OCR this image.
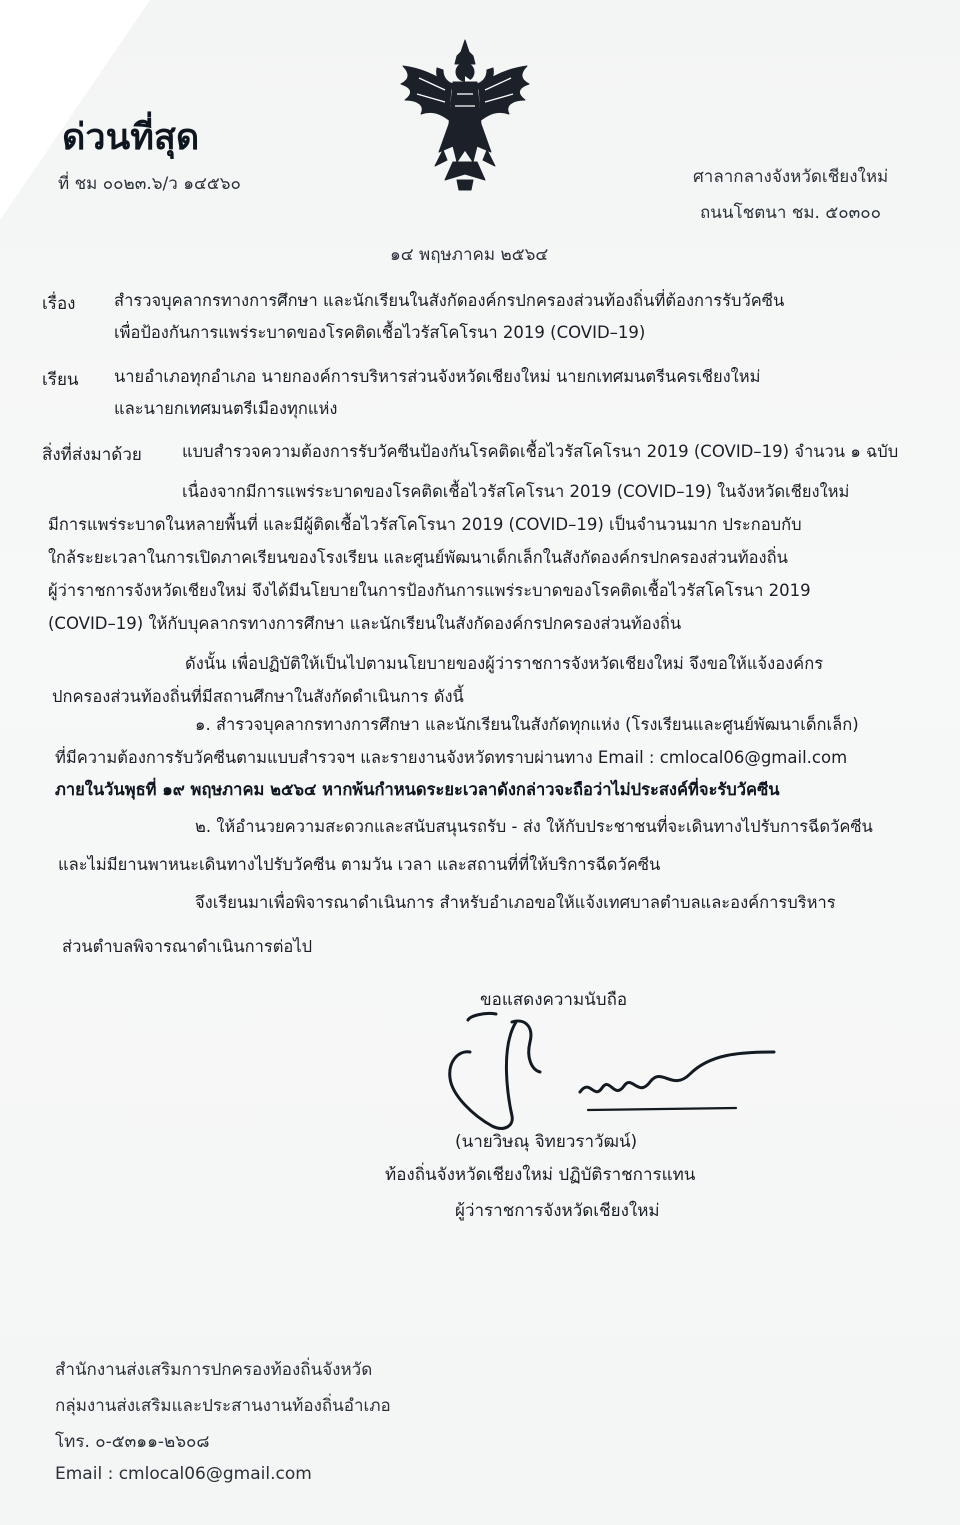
ด่วนที่สุด
ที่ ชม ๐๐๒๓.๖/ว ๑๔๕๖๐	ศาลากลางจังหวัดเชียงใหม่
ถนนโชตนา ชม. ๕๐๓๐๐
๑๔ พฤษภาคม ๒๕๖๔
เรื่อง สำรวจบุคลากรทางการศึกษา และนักเรียนในสังกัดองค์กรปกครองส่วนท้องถิ่นที่ต้องการรับวัคซีน
เพื่อป้องกันการแพร่ระบาดของโรคติดเชื้อไวรัสโคโรนา 2019 (COVID–19)
เรียน นายอำเภอทุกอำเภอ นายกองค์การบริหารส่วนจังหวัดเชียงใหม่ นายกเทศมนตรีนครเชียงใหม่
และนายกเทศมนตรีเมืองทุกแห่ง
สิ่งที่ส่งมาด้วย แบบสำรวจความต้องการรับวัคซีนป้องกันโรคติดเชื้อไวรัสโคโรนา 2019 (COVID–19) จำนวน ๑ ฉบับ
เนื่องจากมีการแพร่ระบาดของโรคติดเชื้อไวรัสโคโรนา 2019 (COVID–19) ในจังหวัดเชียงใหม่
มีการแพร่ระบาดในหลายพื้นที่ และมีผู้ติดเชื้อไวรัสโคโรนา 2019 (COVID–19) เป็นจำนวนมาก ประกอบกับ
ใกล้ระยะเวลาในการเปิดภาคเรียนของโรงเรียน และศูนย์พัฒนาเด็กเล็กในสังกัดองค์กรปกครองส่วนท้องถิ่น
ผู้ว่าราชการจังหวัดเชียงใหม่ จึงได้มีนโยบายในการป้องกันการแพร่ระบาดของโรคติดเชื้อไวรัสโคโรนา 2019
(COVID–19) ให้กับบุคลากรทางการศึกษา และนักเรียนในสังกัดองค์กรปกครองส่วนท้องถิ่น
ดังนั้น เพื่อปฏิบัติให้เป็นไปตามนโยบายของผู้ว่าราชการจังหวัดเชียงใหม่ จึงขอให้แจ้งองค์กร
ปกครองส่วนท้องถิ่นที่มีสถานศึกษาในสังกัดดำเนินการ ดังนี้
๑. สำรวจบุคลากรทางการศึกษา และนักเรียนในสังกัดทุกแห่ง (โรงเรียนและศูนย์พัฒนาเด็กเล็ก)
ที่มีความต้องการรับวัคซีนตามแบบสำรวจฯ และรายงานจังหวัดทราบผ่านทาง Email : cmlocal06@gmail.com
ภายในวันพุธที่ ๑๙ พฤษภาคม ๒๕๖๔ หากพ้นกำหนดระยะเวลาดังกล่าวจะถือว่าไม่ประสงค์ที่จะรับวัคซีน
๒. ให้อำนวยความสะดวกและสนับสนุนรถรับ - ส่ง ให้กับประชาชนที่จะเดินทางไปรับการฉีดวัคซีน
และไม่มียานพาหนะเดินทางไปรับวัคซีน ตามวัน เวลา และสถานที่ที่ให้บริการฉีดวัคซีน
จึงเรียนมาเพื่อพิจารณาดำเนินการ สำหรับอำเภอขอให้แจ้งเทศบาลตำบลและองค์การบริหาร
ส่วนตำบลพิจารณาดำเนินการต่อไป
ขอแสดงความนับถือ
(นายวิษณุ จิทยวราวัฒน์)
ท้องถิ่นจังหวัดเชียงใหม่ ปฏิบัติราชการแทน
ผู้ว่าราชการจังหวัดเชียงใหม่
สำนักงานส่งเสริมการปกครองท้องถิ่นจังหวัด
กลุ่มงานส่งเสริมและประสานงานท้องถิ่นอำเภอ
โทร. ๐-๕๓๑๑-๒๖๐๘
Email : cmlocal06@gmail.com
